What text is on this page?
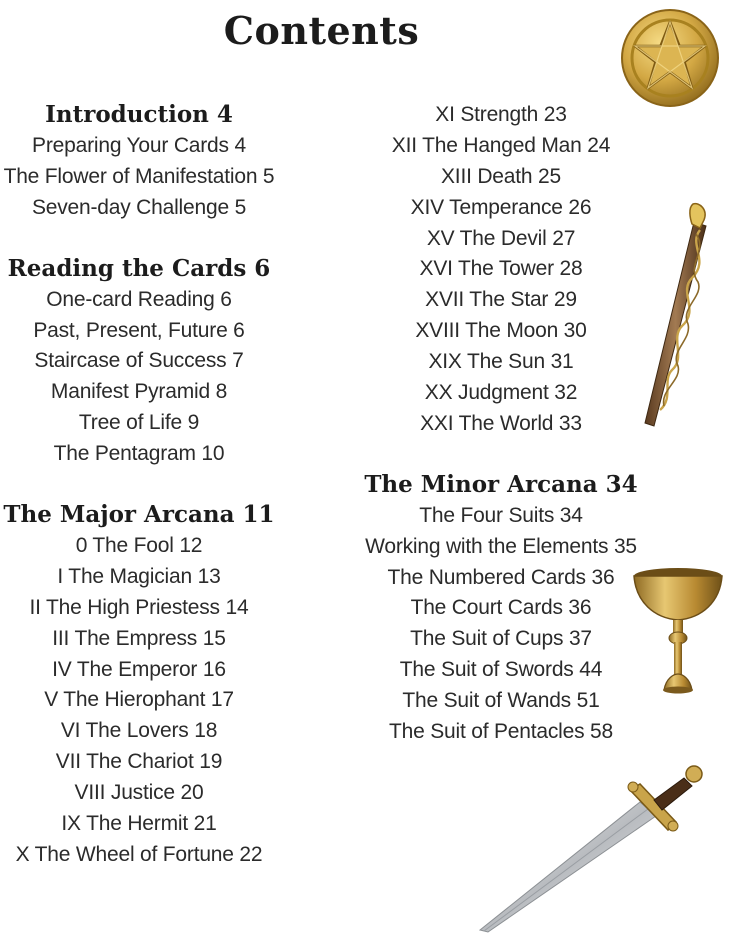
Contents
Introduction 4
Preparing Your Cards 4
The Flower of Manifestation 5
Seven-day Challenge 5
Reading the Cards 6
One-card Reading 6
Past, Present, Future 6
Staircase of Success 7
Manifest Pyramid 8
Tree of Life 9
The Pentagram 10
The Major Arcana 11
0 The Fool 12
I The Magician 13
II The High Priestess 14
III The Empress 15
IV The Emperor 16
V The Hierophant 17
VI The Lovers 18
VII The Chariot 19
VIII Justice 20
IX The Hermit 21
X The Wheel of Fortune 22
XI Strength 23
XII The Hanged Man 24
XIII Death 25
XIV Temperance 26
XV The Devil 27
XVI The Tower 28
XVII The Star 29
XVIII The Moon 30
XIX The Sun 31
XX Judgment 32
XXI The World 33
The Minor Arcana 34
The Four Suits 34
Working with the Elements 35
The Numbered Cards 36
The Court Cards 36
The Suit of Cups 37
The Suit of Swords 44
The Suit of Wands 51
The Suit of Pentacles 58
